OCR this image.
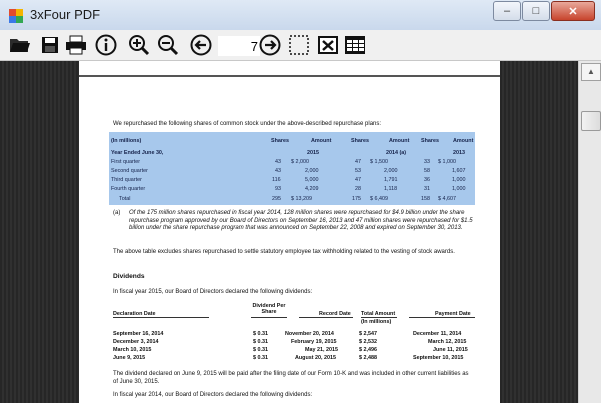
3xFour PDF	–	□	✕
7

We repurchased the following shares of common stock under the above-described repurchase plans:

(In millions)	Shares	Amount	Shares	Amount Shares	Amount
Year Ended June 30,	2015	2014 (a)	2013
First quarter	43 $ 2,000	47 $ 1,500	33 $ 1,000
Second quarter	43	2,000	53	2,000	58	1,607
Third quarter	116	5,000	47	1,791	36	1,000
Fourth quarter	93	4,209	28	1,118	31	1,000
Total	295 $ 13,209	175 $ 6,409	158 $ 4,607
(a)	Of the 175 million shares repurchased in fiscal year 2014, 128 million shares were repurchased for $4.9 billion under the share repurchase program approved by our Board of Directors on September 16, 2013 and 47 million shares were repurchased for $1.5 billion under the share repurchase program that was announced on September 22, 2008 and expired on September 30, 2013.
The above table excludes shares repurchased to settle statutory employee tax withholding related to the vesting of stock awards.
Dividends
In fiscal year 2015, our Board of Directors declared the following dividends:
Dividend Per Share
Declaration Date	Record Date Total Amount	Payment Date
(In millions)
September 16, 2014	$ 0.31	November 20, 2014	$ 2,547	December 11, 2014
December 3, 2014	$ 0.31	February 19, 2015	$ 2,532	March 12, 2015
March 10, 2015	$ 0.31	May 21, 2015	$ 2,496	June 11, 2015
June 9, 2015	$ 0.31	August 20, 2015	$ 2,488	September 10, 2015
The dividend declared on June 9, 2015 will be paid after the filing date of our Form 10-K and was included in other current liabilities as of June 30, 2015.
In fiscal year 2014, our Board of Directors declared the following dividends:
▲
